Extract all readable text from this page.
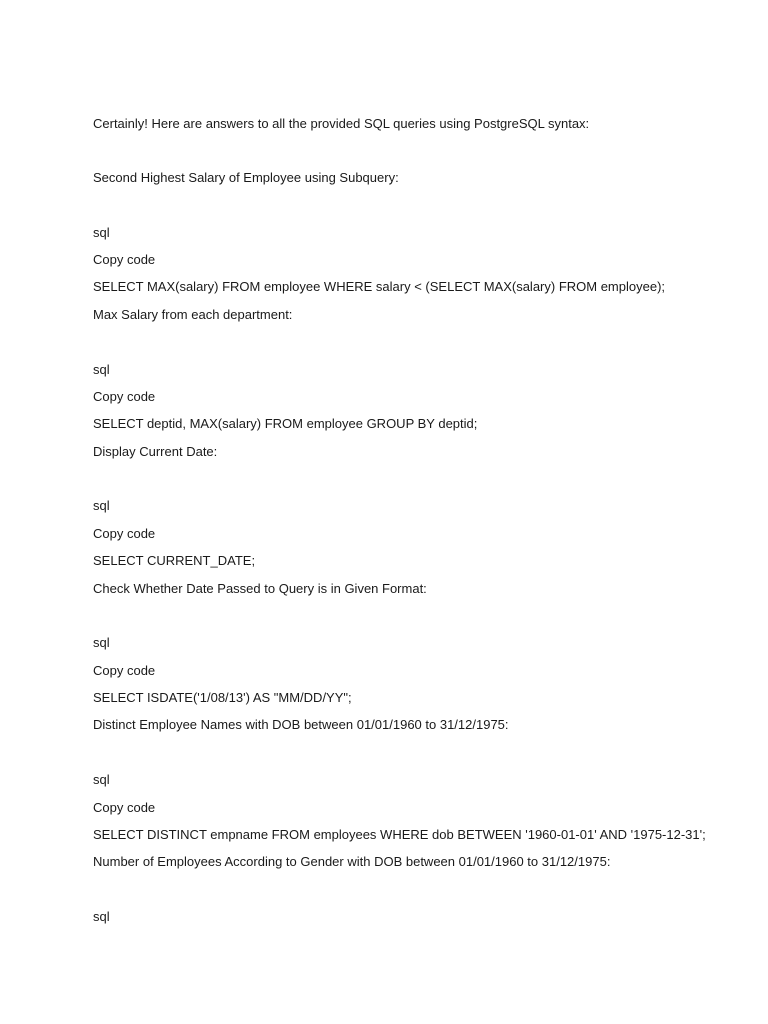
Certainly! Here are answers to all the provided SQL queries using PostgreSQL syntax:
Second Highest Salary of Employee using Subquery:
sql
Copy code
SELECT MAX(salary) FROM employee WHERE salary < (SELECT MAX(salary) FROM employee);
Max Salary from each department:
sql
Copy code
SELECT deptid, MAX(salary) FROM employee GROUP BY deptid;
Display Current Date:
sql
Copy code
SELECT CURRENT_DATE;
Check Whether Date Passed to Query is in Given Format:
sql
Copy code
SELECT ISDATE('1/08/13') AS "MM/DD/YY";
Distinct Employee Names with DOB between 01/01/1960 to 31/12/1975:
sql
Copy code
SELECT DISTINCT empname FROM employees WHERE dob BETWEEN '1960-01-01' AND '1975-12-31';
Number of Employees According to Gender with DOB between 01/01/1960 to 31/12/1975:
sql
